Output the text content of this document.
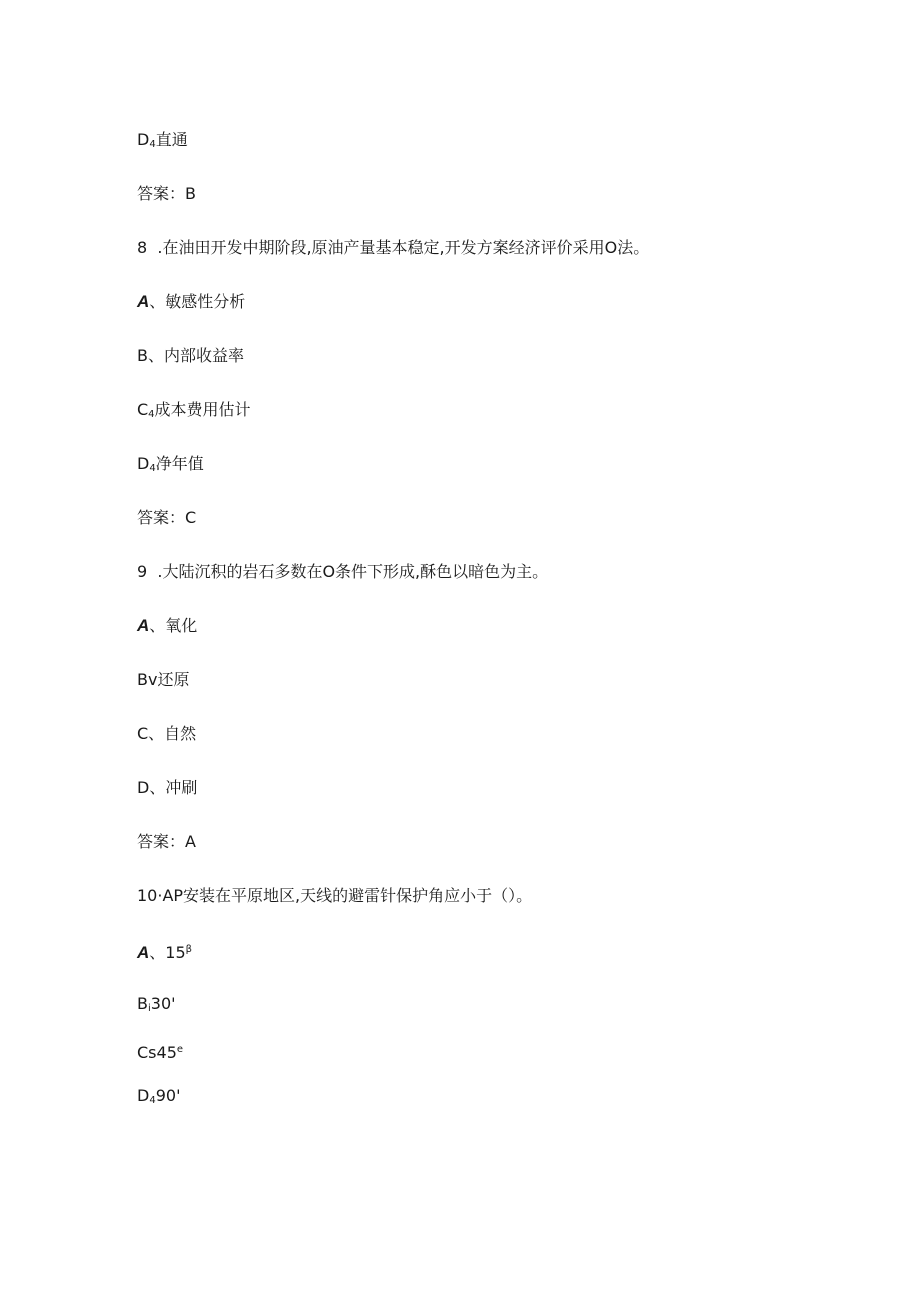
$D_4$直通
答案：B
8  .在油田开发中期阶段,原油产量基本稳定,开发方案经济评价采用O法。
A、敏感性分析
B、内部收益率
$C_4$成本费用估计
$D_4$净年值
答案：C
9  .大陆沉积的岩石多数在O条件下形成,酥色以暗色为主。
A、氧化
Bv还原
C、自然
D、冲刷
答案：A
10·AP安装在平原地区,天线的避雷针保护角应小于（）。
A、$15^\beta$
$B_i30'$
Cs45e
$D_490'$
